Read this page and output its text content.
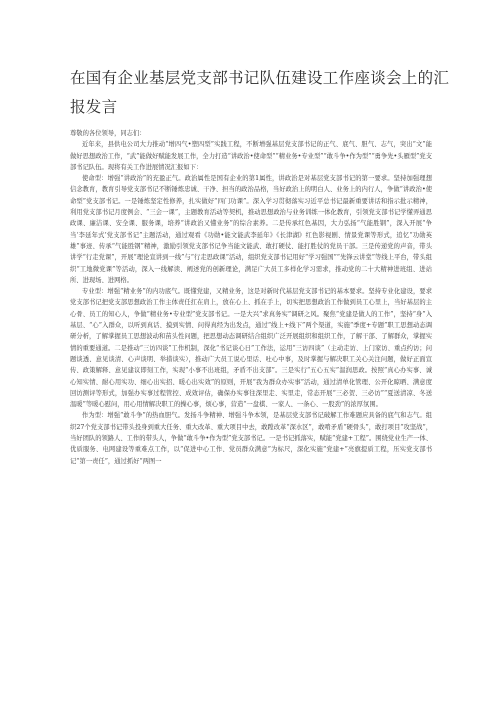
在国有企业基层党支部书记队伍建设工作座谈会上的汇报发言

尊敬的各位领导，同志们：

近年来，县供电公司大力推动“增四气•塑四型”实践工程，不断增强基层党支部书记的正气、底气、胆气、志气，突出“文”能做好思想政治工作，“武”能做好赋能发展工作，全力打造“讲政治•使命型”“精业务•专业型”“敢斗争•作为型”“勇争先•头雁型”党支部书记队伍。现将有关工作进展情况汇报如下：

使命型：增强“讲政治”的充盈正气。政治属性是国有企业的第1属性，讲政治是对基层党支部书记的第一要求。坚持加强理想信念教育，教育引导党支部书记不断锤炼忠诚、干净、担当的政治品格，当好政治上的明白人、业务上的内行人，争做“讲政治•使命型”党支部书记。一是锤炼坚定性修养，扎实做好“四门功课”。深入学习贯彻落实习近平总书记最新重要讲话和指示批示精神，利用党支部书记月度例会、“三会一课”，主题教育活动等契机，推动思想政治与业务训练一体化教育，引领党支部书记学懂弄通思政课、廉洁课、安全课、服务课，培养“讲政治又懂业务”的综合素养。二是传承红色基因，大力弘扬“气能胜钢”，深入开展“争当‘李延年式’党支部书记”主题活动，通过观看《功勋•能文能武李延年》《长津湖》红色影视剧、情景党课等形式，追忆“功勋英雄”事迹、传承“气能胜钢”精神，激励引领党支部书记争当能文能武、敢打硬仗、能打胜仗的党员干部。三是传递党的声音，带头讲学“行走党课”，开展“理论宣讲到一线”与“行走思政课”活动，组织党支部书记用好“学习强国”“先锋云讲堂”等线上平台，带头组织“工地微党课”等活动，深入一线解读、阐述党的创新理论，满足广大员工多样化学习需求，推动党的二十大精神进班组、进站所、进现场、进网格。

专业型：增强“精业务”的内功底气。既懂党建，又精业务，这是对新时代基层党支部书记的基本要求。坚持专业化建设，要求党支部书记把党支部思想政治工作主体责任扛在肩上，放在心上、抓在手上，切实把思想政治工作做到员工心里上，当好基层的主心骨、员工的知心人，争做“精业务•专业型”党支部书记。一是大兴“求真务实”调研之风。聚焦“党建是做人的工作”，坚持“身”入基层、“心”入群众，以听到真话、摸到实情、问得真经为出发点，通过“线上+线下”两个渠道，实施“季度+专题”职工思想动态调研分析，了解掌握员工思想波动和苗头性问题，把思想动态调研结合组织广泛开展组织和组织工作，了解干部、了解群众，掌握实情的重要通道。二是推动“三访四谈”工作机制，深化“书记谈心日”工作法，运用“三访四谈”（主动走访、上门家访、重点约访；问题谈透、意见谈清、心声谈明、举措谈实），推动广大员工说心里话、吐心中事，及时掌握与解决职工关心关注问题，做好正面宣传、政策解释、意见建议即刻工作，实现“小事不出班组，矛盾不出支部”。三是实行“五心五实”温润思政。按照“真心办实事、诚心知实情、耐心用实功、细心出实招、暖心出实效”的原则，开展“我为群众办实事”活动，通过清单化管理、公开化晾晒、满意度回访测评等形式，加强办实事过程管控、成效评估，确保办实事往深里走、实里走，常态开展“三必贺、三必访”“夏送清凉、冬送温暖”等暖心慰问，用心用情解决职工的操心事，烦心事，营造“一盘棋、一家人、一条心、一股劲”的浓厚氛围。

作为型：增强“敢斗争”的热血胆气。发扬斗争精神、增强斗争本领，是基层党支部书记破解工作难题应具备的底气和志气。组织27个党支部书记带头投身到重大任务、重大改革、重大项目中去，敢蹚改革“深水区”，敢啃矛盾“硬骨头”，敢打项目“攻坚战”，当好团队的领路人、工作的带头人，争做“敢斗争•作为型”党支部书记。一是书记抓落实，赋能“党建+工程”。围绕党业生产一体、优质服务、电网建设等重难点工作，以“促进中心工作、党员群众满意”为标尺，深化实施“党建+”亮旗提质工程，压实党支部书记“第一责任”，通过抓好“两图一
